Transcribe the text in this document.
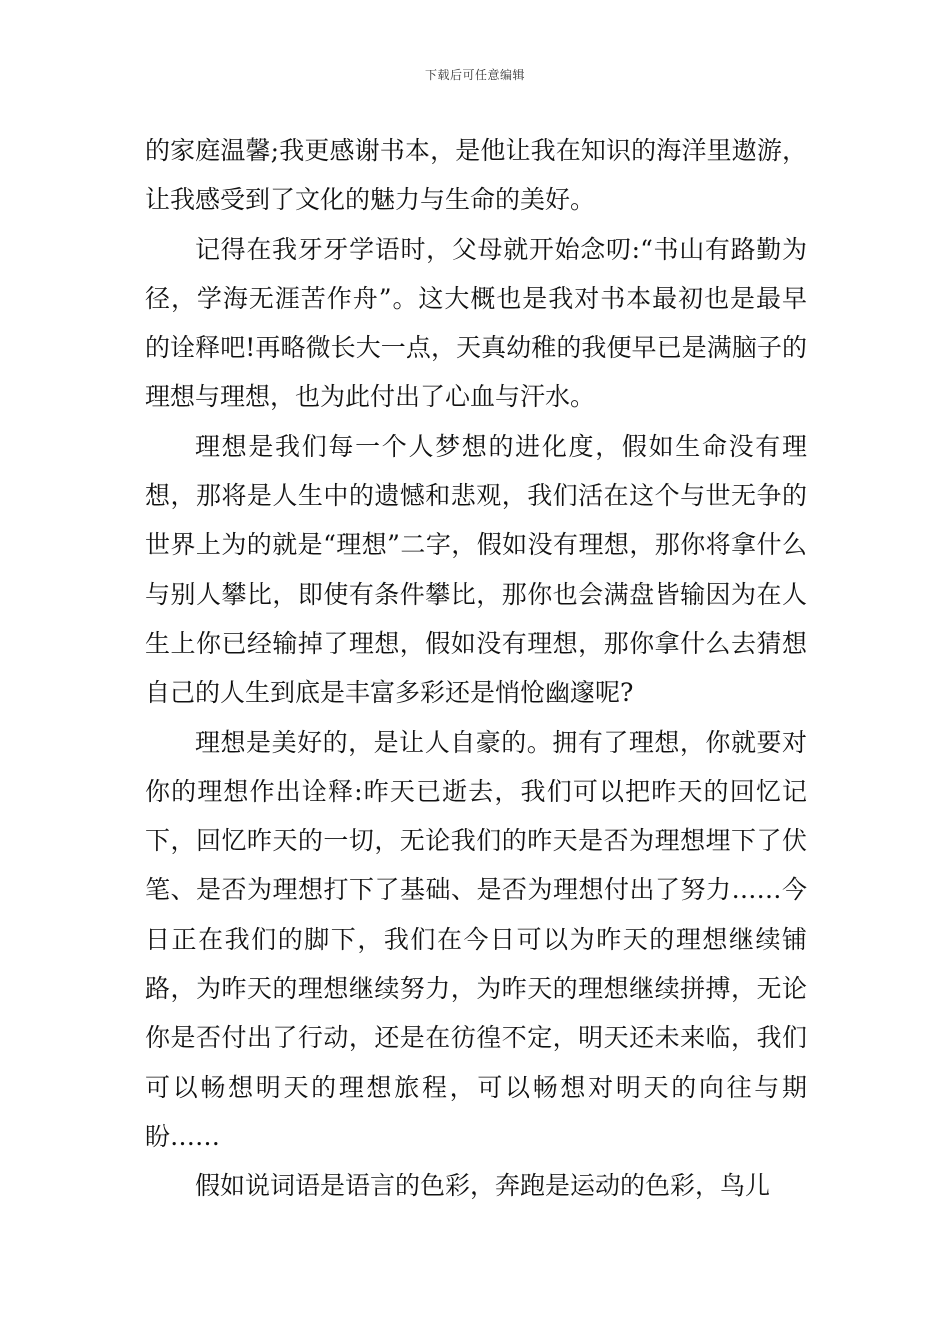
下载后可任意编辑

的家庭温馨;我更感谢书本，是他让我在知识的海洋里遨游，让我感受到了文化的魅力与生命的美好。

记得在我牙牙学语时，父母就开始念叨:“书山有路勤为径，学海无涯苦作舟”。这大概也是我对书本最初也是最早的诠释吧!再略微长大一点，天真幼稚的我便早已是满脑子的理想与理想，也为此付出了心血与汗水。

理想是我们每一个人梦想的进化度，假如生命没有理想，那将是人生中的遗憾和悲观，我们活在这个与世无争的世界上为的就是“理想”二字，假如没有理想，那你将拿什么与别人攀比，即使有条件攀比，那你也会满盘皆输因为在人生上你已经输掉了理想，假如没有理想，那你拿什么去猜想自己的人生到底是丰富多彩还是悄怆幽邃呢?

理想是美好的，是让人自豪的。拥有了理想，你就要对你的理想作出诠释:昨天已逝去，我们可以把昨天的回忆记下，回忆昨天的一切，无论我们的昨天是否为理想埋下了伏笔、是否为理想打下了基础、是否为理想付出了努力……今日正在我们的脚下，我们在今日可以为昨天的理想继续铺路，为昨天的理想继续努力，为昨天的理想继续拼搏，无论你是否付出了行动，还是在彷徨不定，明天还未来临，我们可以畅想明天的理想旅程，可以畅想对明天的向往与期盼……

假如说词语是语言的色彩，奔跑是运动的色彩，鸟儿
